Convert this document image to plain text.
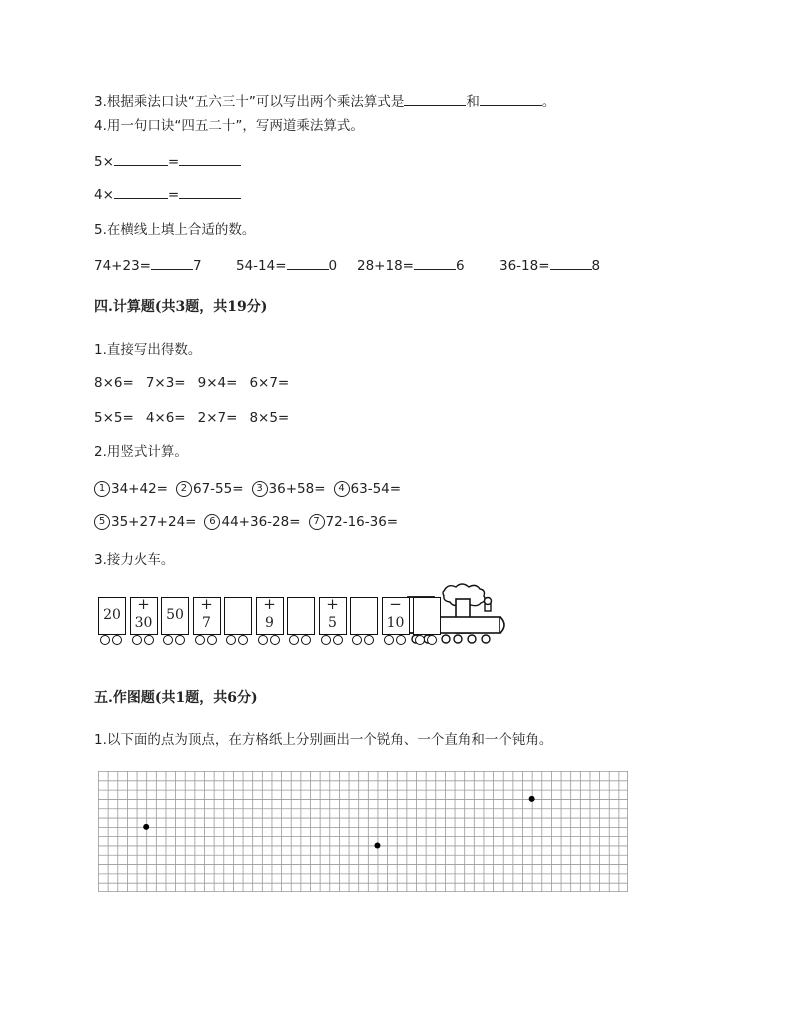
3.根据乘法口诀“五六三十”可以写出两个乘法算式是	和	。
4.用一句口诀“四五二十”，写两道乘法算式。
5×	=
4×	=
5.在横线上填上合适的数。
74+23=	7	54-14=	0 28+18=	6	36-18=	8
四.计算题(共3题，共19分)
1.直接写出得数。
8×6= 7×3= 9×4= 6×7=
5×5= 4×6= 2×7= 8×5=
2.用竖式计算。
1 34+42= 2 67-55= 3 36+58= 4 63-54=
5 35+27+24= 6 44+36-28= 7 72-16-36=
3.接力火车。
20
+
30 50
+
7
+
9
+
5
−
10
五.作图题(共1题，共6分)
1.以下面的点为顶点，在方格纸上分别画出一个锐角、一个直角和一个钝角。
